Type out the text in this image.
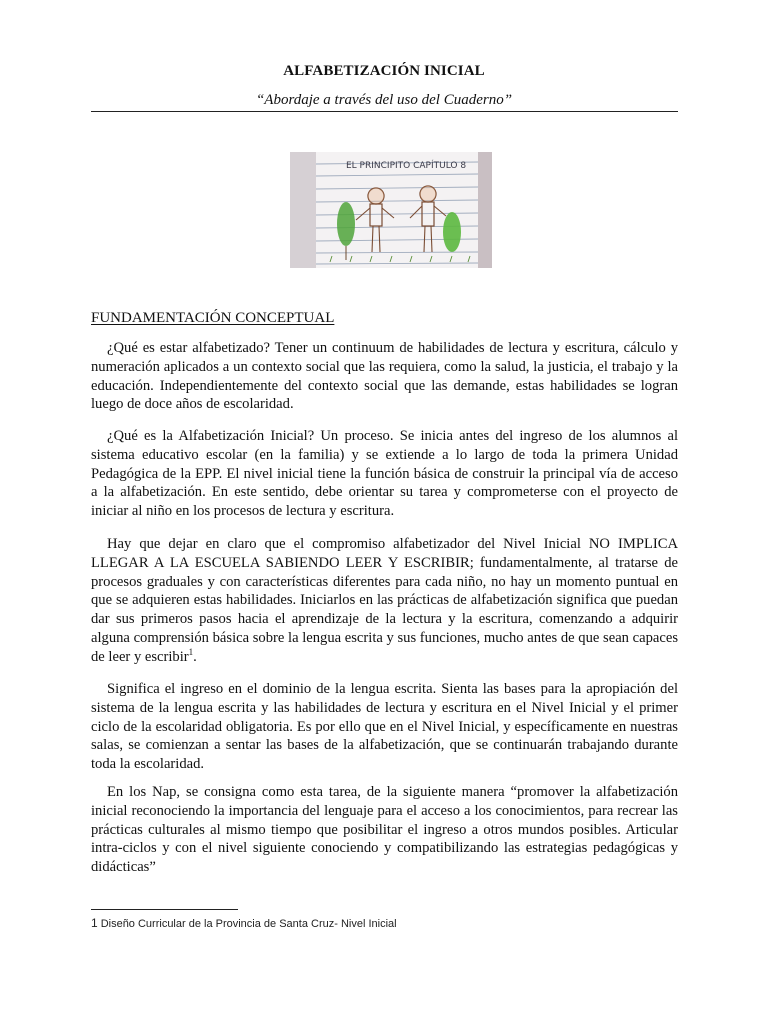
ALFABETIZACIÓN INICIAL
“Abordaje a través del uso del Cuaderno”
EL PRINCIPITO CAPÍTULO 8
FUNDAMENTACIÓN CONCEPTUAL

¿Qué es estar alfabetizado? Tener un continuum de habilidades de lectura y escritura, cálculo y numeración aplicados a un contexto social que las requiera, como la salud, la justicia, el trabajo y la educación. Independientemente del contexto social que las demande, estas habilidades se logran luego de doce años de escolaridad.

¿Qué es la Alfabetización Inicial? Un proceso. Se inicia antes del ingreso de los alumnos al sistema educativo escolar (en la familia) y se extiende a lo largo de toda la primera Unidad Pedagógica de la EPP. El nivel inicial tiene la función básica de construir la principal vía de acceso a la alfabetización. En este sentido, debe orientar su tarea y comprometerse con el proyecto de iniciar al niño en los procesos de lectura y escritura.

Hay que dejar en claro que el compromiso alfabetizador del Nivel Inicial NO IMPLICA LLEGAR A LA ESCUELA SABIENDO LEER Y ESCRIBIR; fundamentalmente, al tratarse de procesos graduales y con características diferentes para cada niño, no hay un momento puntual en que se adquieren estas habilidades. Iniciarlos en las prácticas de alfabetización significa que puedan dar sus primeros pasos hacia el aprendizaje de la lectura y la escritura, comenzando a adquirir alguna comprensión básica sobre la lengua escrita y sus funciones, mucho antes de que sean capaces de leer y escribir$^1$.

Significa el ingreso en el dominio de la lengua escrita. Sienta las bases para la apropiación del sistema de la lengua escrita y las habilidades de lectura y escritura en el Nivel Inicial y el primer ciclo de la escolaridad obligatoria. Es por ello que en el Nivel Inicial, y específicamente en nuestras salas, se comienzan a sentar las bases de la alfabetización, que se continuarán trabajando durante toda la escolaridad.

En los Nap, se consigna como esta tarea, de la siguiente manera “promover la alfabetización inicial reconociendo la importancia del lenguaje para el acceso a los conocimientos, para recrear las prácticas culturales al mismo tiempo que posibilitar el ingreso a otros mundos posibles. Articular intra-ciclos y con el nivel siguiente conociendo y compatibilizando las estrategias pedagógicas y didácticas”

1 Diseño Curricular de la Provincia de Santa Cruz- Nivel Inicial
